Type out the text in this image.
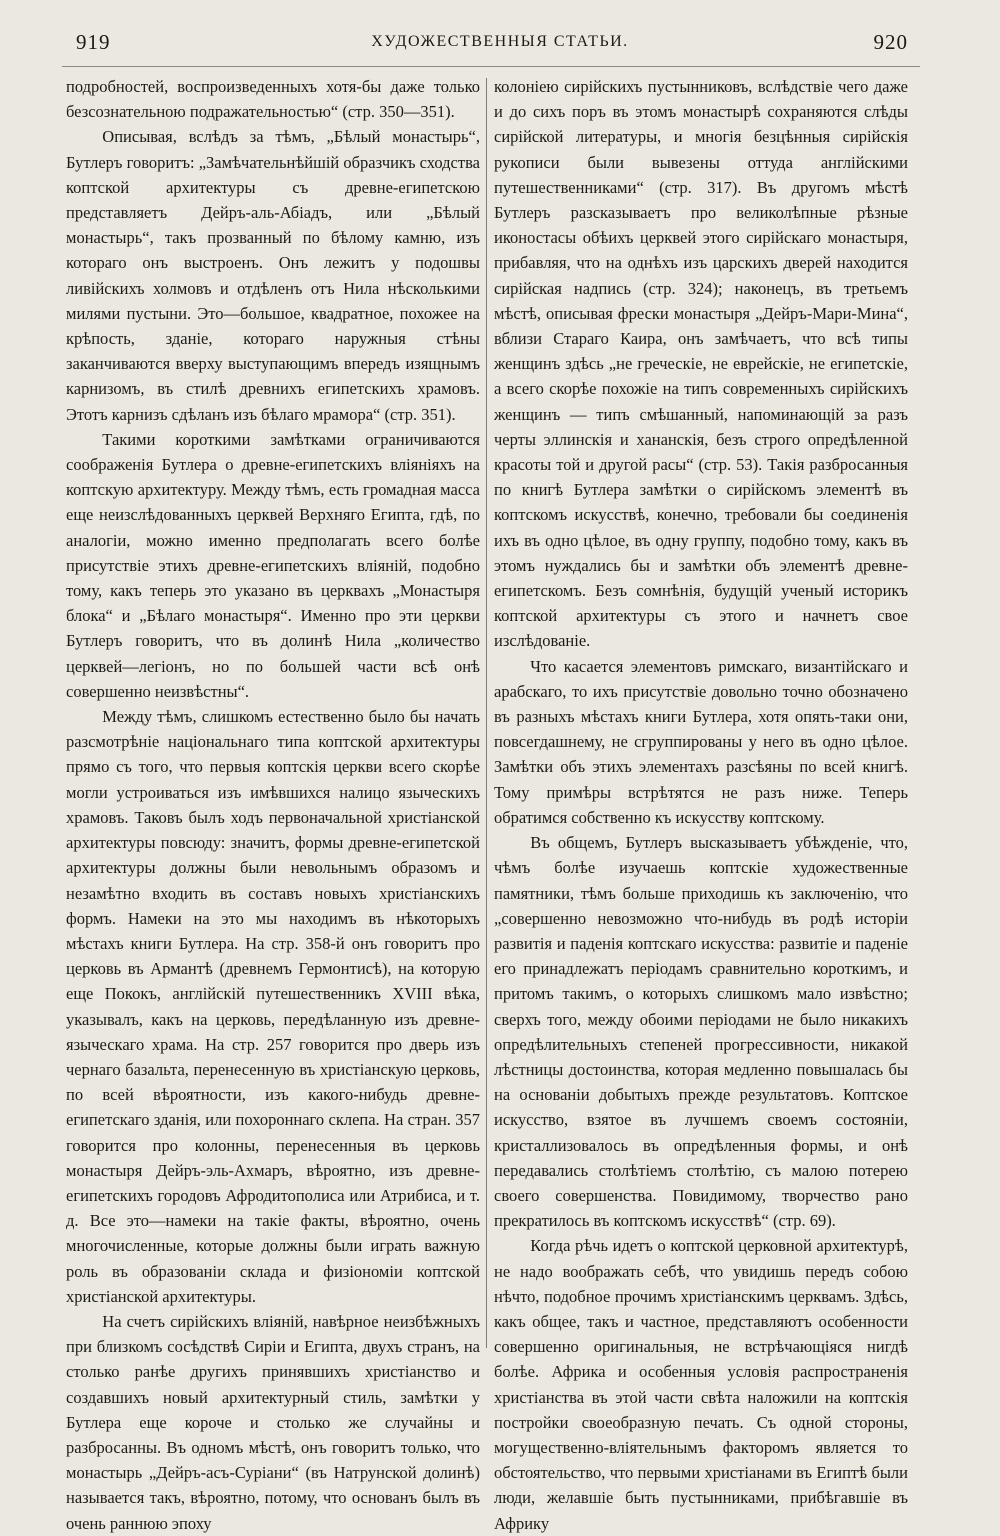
919	ХУДОЖЕСТВЕННЫЯ СТАТЬИ.	920

подробностей, воспроизведенныхъ хотя-бы даже только безсознательною подражательностью“ (стр. 350—351).

Описывая, вслѣдъ за тѣмъ, „Бѣлый монастырь“, Бутлеръ говоритъ: „Замѣчательнѣйшій образчикъ сходства коптской архитектуры съ древне-египетскою представляетъ Дейръ-аль-Абіадъ, или „Бѣлый монастырь“, такъ прозванный по бѣлому камню, изъ котораго онъ выстроенъ. Онъ лежитъ у подошвы ливійскихъ холмовъ и отдѣленъ отъ Нила нѣсколькими милями пустыни. Это—большое, квадратное, похожее на крѣпость, зданіе, котораго наружныя стѣны заканчиваются вверху выступающимъ впередъ изящнымъ карнизомъ, въ стилѣ древнихъ египетскихъ храмовъ. Этотъ карнизъ сдѣланъ изъ бѣлаго мрамора“ (стр. 351).

Такими короткими замѣтками ограничиваются соображенія Бутлера о древне-египетскихъ вліяніяхъ на коптскую архитектуру. Между тѣмъ, есть громадная масса еще неизслѣдованныхъ церквей Верхняго Египта, гдѣ, по аналогіи, можно именно предполагать всего болѣе присутствіе этихъ древне-египетскихъ вліяній, подобно тому, какъ теперь это указано въ церквахъ „Монастыря блока“ и „Бѣлаго монастыря“. Именно про эти церкви Бутлеръ говоритъ, что въ долинѣ Нила „количество церквей—легіонъ, но по большей части всѣ онѣ совершенно неизвѣстны“.

Между тѣмъ, слишкомъ естественно было бы начать разсмотрѣніе національнаго типа коптской архитектуры прямо съ того, что первыя коптскія церкви всего скорѣе могли устроиваться изъ имѣвшихся налицо языческихъ храмовъ. Таковъ былъ ходъ первоначальной христіанской архитектуры повсюду: значитъ, формы древне-египетской архитектуры должны были невольнымъ образомъ и незамѣтно входить въ составъ новыхъ христіанскихъ формъ. Намеки на это мы находимъ въ нѣкоторыхъ мѣстахъ книги Бутлера. На стр. 358-й онъ говоритъ про церковь въ Армантѣ (древнемъ Гермонтисѣ), на которую еще Пококъ, англійскій путешественникъ XVIII вѣка, указывалъ, какъ на церковь, передѣланную изъ древне-языческаго храма. На стр. 257 говорится про дверь изъ чернаго базальта, перенесенную въ христіанскую церковь, по всей вѣроятности, изъ какого-нибудь древне-египетскаго зданія, или похороннаго склепа. На стран. 357 говорится про колонны, перенесенныя въ церковь монастыря Дейръ-эль-Ахмаръ, вѣроятно, изъ древне-египетскихъ городовъ Афродитополиса или Атрибиса, и т. д. Все это—намеки на такіе факты, вѣроятно, очень многочисленные, которые должны были играть важную роль въ образованіи склада и физіономіи коптской христіанской архитектуры.

На счетъ сирійскихъ вліяній, навѣрное неизбѣжныхъ при близкомъ сосѣдствѣ Сиріи и Египта, двухъ странъ, на столько ранѣе другихъ принявшихъ христіанство и создавшихъ новый архитектурный стиль, замѣтки у Бутлера еще короче и столько же случайны и разбросанны. Въ одномъ мѣстѣ, онъ говоритъ только, что монастырь „Дейръ-асъ-Суріани“ (въ Натрунской долинѣ) называется такъ, вѣроятно, потому, что основанъ былъ въ очень раннюю эпоху

колоніею сирійскихъ пустынниковъ, вслѣдствіе чего даже и до сихъ поръ въ этомъ монастырѣ сохраняются слѣды сирійской литературы, и многія безцѣнныя сирійскія рукописи были вывезены оттуда англійскими путешественниками“ (стр. 317). Въ другомъ мѣстѣ Бутлеръ разсказываетъ про великолѣпные рѣзные иконостасы обѣихъ церквей этого сирійскаго монастыря, прибавляя, что на однѣхъ изъ царскихъ дверей находится сирійская надпись (стр. 324); наконецъ, въ третьемъ мѣстѣ, описывая фрески монастыря „Дейръ-Мари-Мина“, вблизи Стараго Каира, онъ замѣчаетъ, что всѣ типы женщинъ здѣсь „не греческіе, не еврейскіе, не египетскіе, а всего скорѣе похожіе на типъ современныхъ сирійскихъ женщинъ — типъ смѣшанный, напоминающій за разъ черты эллинскія и хананскія, безъ строго опредѣленной красоты той и другой расы“ (стр. 53). Такія разбросанныя по книгѣ Бутлера замѣтки о сирійскомъ элементѣ въ коптскомъ искусствѣ, конечно, требовали бы соединенія ихъ въ одно цѣлое, въ одну группу, подобно тому, какъ въ этомъ нуждались бы и замѣтки объ элементѣ древне-египетскомъ. Безъ сомнѣнія, будущій ученый историкъ коптской архитектуры съ этого и начнетъ свое изслѣдованіе.

Что касается элементовъ римскаго, византійскаго и арабскаго, то ихъ присутствіе довольно точно обозначено въ разныхъ мѣстахъ книги Бутлера, хотя опять-таки они, повсегдашнему, не сгруппированы у него въ одно цѣлое. Замѣтки объ этихъ элементахъ разсѣяны по всей книгѣ. Тому примѣры встрѣтятся не разъ ниже. Теперь обратимся собственно къ искусству коптскому.

Въ общемъ, Бутлеръ высказываетъ убѣжденіе, что, чѣмъ болѣе изучаешь коптскіе художественные памятники, тѣмъ больше приходишь къ заключенію, что „совершенно невозможно что-нибудь въ родѣ исторіи развитія и паденія коптскаго искусства: развитіе и паденіе его принадлежатъ періодамъ сравнительно короткимъ, и притомъ такимъ, о которыхъ слишкомъ мало извѣстно; сверхъ того, между обоими періодами не было никакихъ опредѣлительныхъ степеней прогрессивности, никакой лѣстницы достоинства, которая медленно повышалась бы на основаніи добытыхъ прежде результатовъ. Коптское искусство, взятое въ лучшемъ своемъ состояніи, кристаллизовалось въ опредѣленныя формы, и онѣ передавались столѣтіемъ столѣтію, съ малою потерею своего совершенства. Повидимому, творчество рано прекратилось въ коптскомъ искусствѣ“ (стр. 69).

Когда рѣчь идетъ о коптской церковной архитектурѣ, не надо воображать себѣ, что увидишь передъ собою нѣчто, подобное прочимъ христіанскимъ церквамъ. Здѣсь, какъ общее, такъ и частное, представляютъ особенности совершенно оригинальныя, не встрѣчающіяся нигдѣ болѣе. Африка и особенныя условія распространенія христіанства въ этой части свѣта наложили на коптскія постройки своеобразную печать. Съ одной стороны, могущественно-вліятельнымъ факторомъ является то обстоятельство, что первыми христіанами въ Египтѣ были люди, желавшіе быть пустынниками, прибѣгавшіе въ Африку
